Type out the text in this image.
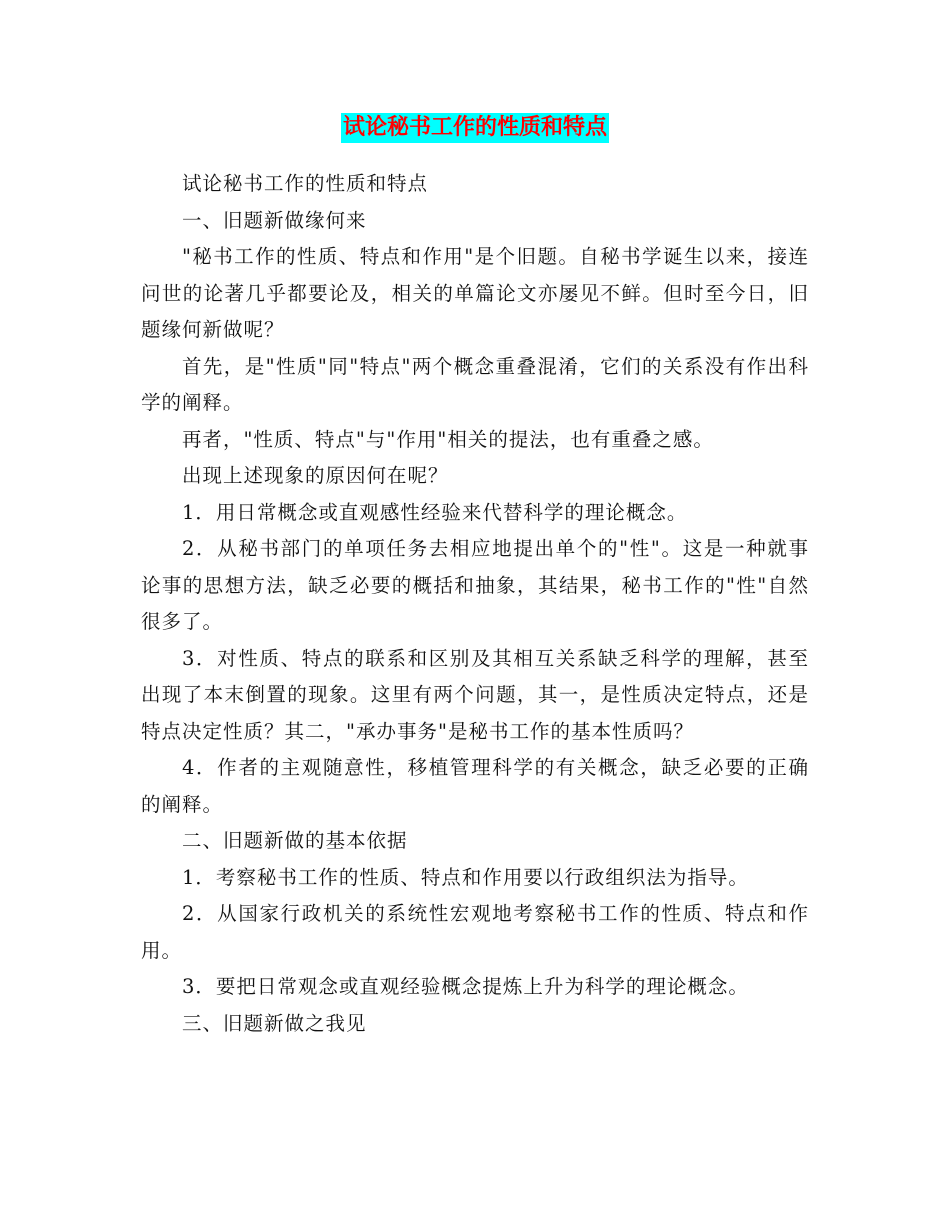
试论秘书工作的性质和特点

试论秘书工作的性质和特点

一、旧题新做缘何来

"秘书工作的性质、特点和作用"是个旧题。自秘书学诞生以来，接连问世的论著几乎都要论及，相关的单篇论文亦屡见不鲜。但时至今日，旧题缘何新做呢？

首先，是"性质"同"特点"两个概念重叠混淆，它们的关系没有作出科学的阐释。

再者，"性质、特点"与"作用"相关的提法，也有重叠之感。

出现上述现象的原因何在呢？

1．用日常概念或直观感性经验来代替科学的理论概念。

2．从秘书部门的单项任务去相应地提出单个的"性"。这是一种就事论事的思想方法，缺乏必要的概括和抽象，其结果，秘书工作的"性"自然很多了。

3．对性质、特点的联系和区别及其相互关系缺乏科学的理解，甚至出现了本末倒置的现象。这里有两个问题，其一，是性质决定特点，还是特点决定性质？其二，"承办事务"是秘书工作的基本性质吗？

4．作者的主观随意性，移植管理科学的有关概念，缺乏必要的正确的阐释。

二、旧题新做的基本依据

1．考察秘书工作的性质、特点和作用要以行政组织法为指导。

2．从国家行政机关的系统性宏观地考察秘书工作的性质、特点和作用。

3．要把日常观念或直观经验概念提炼上升为科学的理论概念。

三、旧题新做之我见
